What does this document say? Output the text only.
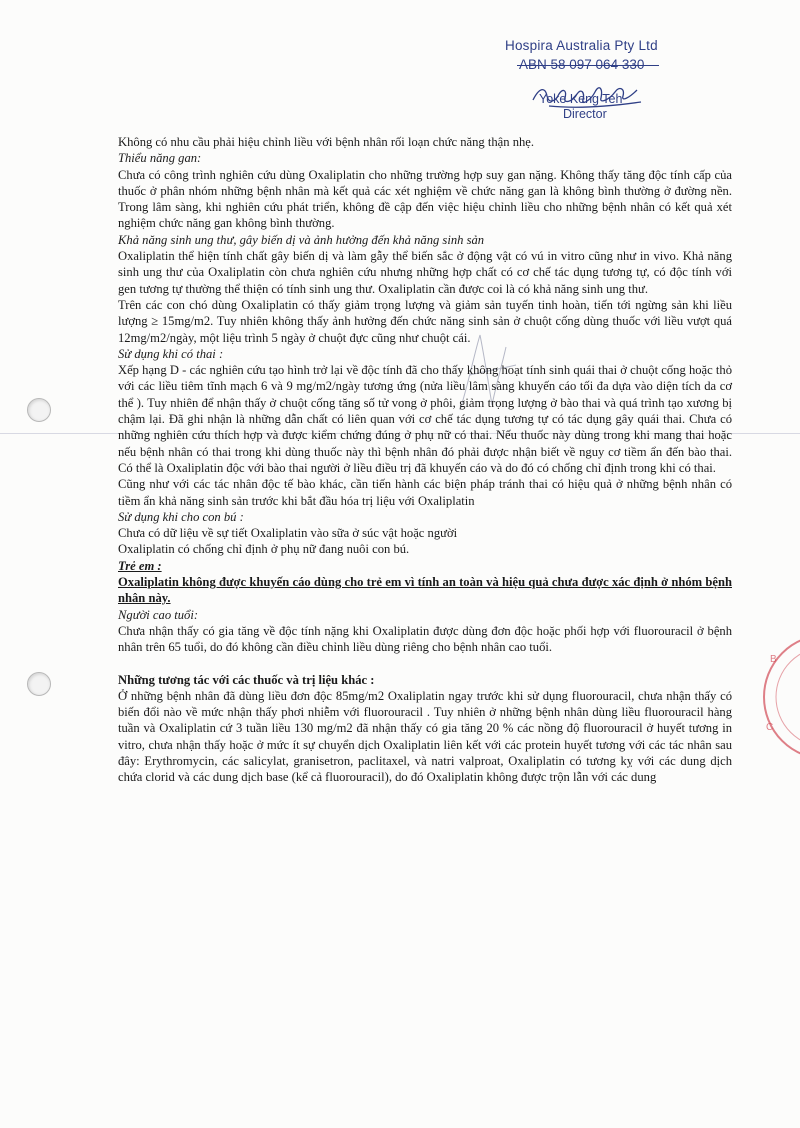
Hospira Australia Pty Ltd
ABN 58 097 064 330
Yoke Keng Teh
Director
B
C

Không có nhu cầu phải hiệu chỉnh liều với bệnh nhân rối loạn chức năng thận nhẹ.

Thiểu năng gan:

Chưa có công trình nghiên cứu dùng Oxaliplatin cho những trường hợp suy gan nặng. Không thấy tăng độc tính cấp của thuốc ở phân nhóm những bệnh nhân mà kết quả các xét nghiệm về chức năng gan là không bình thường ở đường nền. Trong lâm sàng, khi nghiên cứu phát triển, không đề cập đến việc hiệu chỉnh liều cho những bệnh nhân có kết quả xét nghiệm chức năng gan không bình thường.

Khả năng sinh ung thư, gây biến dị và ảnh hưởng đến khả năng sinh sản

Oxaliplatin thể hiện tính chất gây biến dị và làm gẫy thể biến sắc ở động vật có vú in vitro cũng như in vivo. Khả năng sinh ung thư của Oxaliplatin còn chưa nghiên cứu nhưng những hợp chất có cơ chế tác dụng tương tự, có độc tính với gen tương tự thường thể thiện có tính sinh ung thư. Oxaliplatin cần được coi là có khả năng sinh ung thư.

Trên các con chó dùng Oxaliplatin có thấy giảm trọng lượng và giảm sản tuyến tinh hoàn, tiến tới ngừng sản khi liều lượng ≥ 15mg/m2. Tuy nhiên không thấy ảnh hưởng đến chức năng sinh sản ở chuột cống dùng thuốc với liều vượt quá 12mg/m2/ngày, một liệu trình 5 ngày ở chuột đực cũng như chuột cái.

Sử dụng khi có thai :

Xếp hạng D - các nghiên cứu tạo hình trở lại về độc tính đã cho thấy không hoạt tính sinh quái thai ở chuột cống hoặc thỏ với các liều tiêm tĩnh mạch 6 và 9 mg/m2/ngày tương ứng (nửa liều lâm sàng khuyến cáo tối đa dựa vào diện tích da cơ thể ). Tuy nhiên để nhận thấy ở chuột cống tăng số tử vong ở phôi, giảm trọng lượng ở bào thai và quá trình tạo xương bị chậm lại. Đã ghi nhận là những dẫn chất có liên quan với cơ chế tác dụng tương tự có tác dụng gây quái thai. Chưa có những nghiên cứu thích hợp và được kiểm chứng đúng ở phụ nữ có thai. Nếu thuốc này dùng trong khi mang thai hoặc nếu bệnh nhân có thai trong khi dùng thuốc này thì bệnh nhân đó phải được nhận biết về nguy cơ tiềm ẩn đến bào thai. Có thể là Oxaliplatin độc với bào thai người ở liều điều trị đã khuyến cáo và do đó có chống chỉ định trong khi có thai.

Cũng như với các tác nhân độc tế bào khác, cần tiến hành các biện pháp tránh thai có hiệu quả ở những bệnh nhân có tiềm ẩn khả năng sinh sản trước khi bắt đầu hóa trị liệu với Oxaliplatin

Sử dụng khi cho con bú :

Chưa có dữ liệu về sự tiết Oxaliplatin vào sữa ở súc vật hoặc người

Oxaliplatin có chống chỉ định ở phụ nữ đang nuôi con bú.

Trẻ em :

Oxaliplatin không được khuyến cáo dùng cho trẻ em vì tính an toàn và hiệu quả chưa được xác định ở nhóm bệnh nhân này.

Người cao tuổi:

Chưa nhận thấy có gia tăng về độc tính nặng khi Oxaliplatin được dùng đơn độc hoặc phối hợp với fluorouracil ở bệnh nhân trên 65 tuổi, do đó không cần điều chỉnh liều dùng riêng cho bệnh nhân cao tuổi.

Những tương tác với các thuốc và trị liệu khác :

Ở những bệnh nhân đã dùng liều đơn độc 85mg/m2 Oxaliplatin ngay trước khi sử dụng fluorouracil, chưa nhận thấy có biến đổi nào về mức nhận thấy phơi nhiễm với fluorouracil . Tuy nhiên ở những bệnh nhân dùng liều fluorouracil hàng tuần và Oxaliplatin cứ 3 tuần liều 130 mg/m2 đã nhận thấy có gia tăng 20 % các nồng độ fluorouracil ở huyết tương in vitro, chưa nhận thấy hoặc ở mức ít sự chuyển dịch Oxaliplatin liên kết với các protein huyết tương với các tác nhân sau đây: Erythromycin, các salicylat, granisetron, paclitaxel, và natri valproat, Oxaliplatin có tương kỵ với các dung dịch chứa clorid và các dung dịch base (kể cả fluorouracil), do đó Oxaliplatin không được trộn lẫn với các dung
